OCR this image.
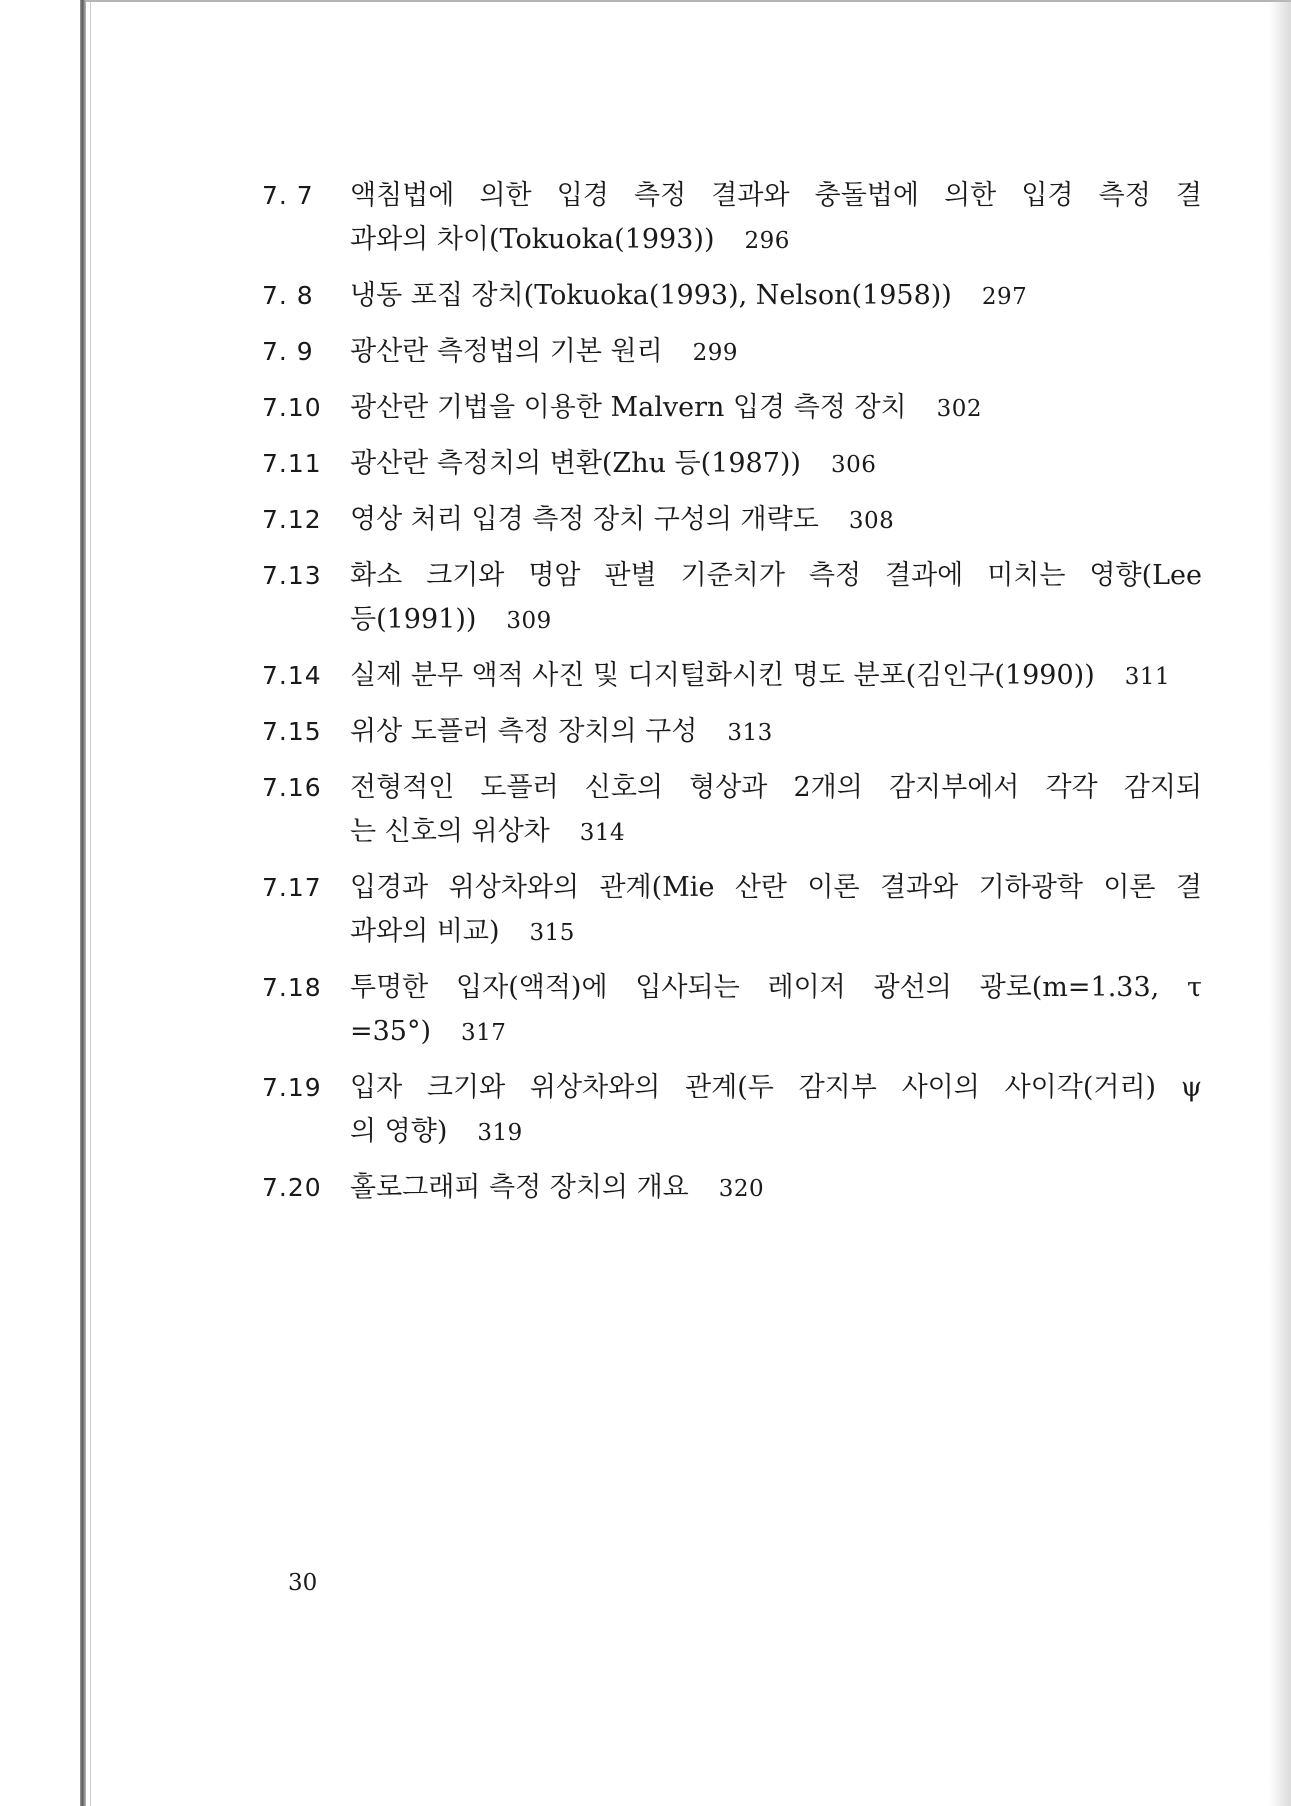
7. 7	액침법에 의한 입경 측정 결과와 충돌법에 의한 입경 측정 결
과와의 차이(Tokuoka(1993)) 296
7. 8	냉동 포집 장치(Tokuoka(1993), Nelson(1958)) 297
7. 9	광산란 측정법의 기본 원리 299
7.10	광산란 기법을 이용한 Malvern 입경 측정 장치 302
7.11	광산란 측정치의 변환(Zhu 등(1987)) 306
7.12	영상 처리 입경 측정 장치 구성의 개략도 308
7.13	화소 크기와 명암 판별 기준치가 측정 결과에 미치는 영향(Lee
등(1991)) 309
7.14	실제 분무 액적 사진 및 디지털화시킨 명도 분포(김인구(1990)) 311
7.15	위상 도플러 측정 장치의 구성 313
7.16	전형적인 도플러 신호의 형상과 2개의 감지부에서 각각 감지되
는 신호의 위상차 314
7.17	입경과 위상차와의 관계(Mie 산란 이론 결과와 기하광학 이론 결
과와의 비교) 315
7.18	투명한 입자(액적)에 입사되는 레이저 광선의 광로(m=1.33, τ
=35°) 317
7.19	입자 크기와 위상차와의 관계(두 감지부 사이의 사이각(거리) ψ
의 영향) 319
7.20	홀로그래피 측정 장치의 개요 320
30
